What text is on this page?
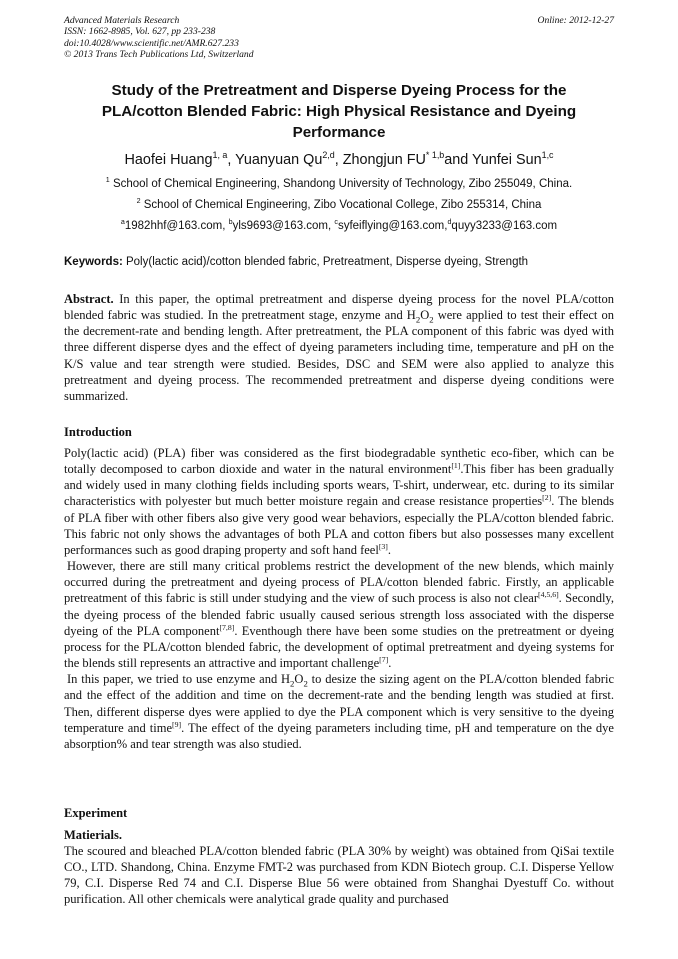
Advanced Materials Research
ISSN: 1662-8985, Vol. 627, pp 233-238
doi:10.4028/www.scientific.net/AMR.627.233
© 2013 Trans Tech Publications Ltd, Switzerland
Online: 2012-12-27
Study of the Pretreatment and Disperse Dyeing Process for the
PLA/cotton Blended Fabric: High Physical Resistance and Dyeing
Performance
Haofei Huang$^{1, a}$, Yuanyuan Qu$^{2,d}$, Zhongjun FU$^{* 1,b}$and Yunfei Sun$^{1,c}$
$^1$ School of Chemical Engineering, Shandong University of Technology, Zibo 255049, China.
$^2$ School of Chemical Engineering, Zibo Vocational College, Zibo 255314, China
$^a$1982hhf@163.com, $^b$yls9693@163.com, $^c$syfeiflying@163.com,$^d$quyy3233@163.com
Keywords: Poly(lactic acid)/cotton blended fabric, Pretreatment, Disperse dyeing, Strength
Abstract. In this paper, the optimal pretreatment and disperse dyeing process for the novel PLA/cotton blended fabric was studied. In the pretreatment stage, enzyme and $H_2O_2$ were applied to test their effect on the decrement-rate and bending length. After pretreatment, the PLA component of this fabric was dyed with three different disperse dyes and the effect of dyeing parameters including time, temperature and pH on the K/S value and tear strength were studied. Besides, DSC and SEM were also applied to analyze this pretreatment and dyeing process. The recommended pretreatment and disperse dyeing conditions were summarized.
Introduction
Poly(lactic acid) (PLA) fiber was considered as the first biodegradable synthetic eco-fiber, which can be totally decomposed to carbon dioxide and water in the natural environment[1].This fiber has been gradually and widely used in many clothing fields including sports wears, T-shirt, underwear, etc. during to its similar characteristics with polyester but much better moisture regain and crease resistance properties[2]. The blends of PLA fiber with other fibers also give very good wear behaviors, especially the PLA/cotton blended fabric. This fabric not only shows the advantages of both PLA and cotton fibers but also possesses many excellent performances such as good draping property and soft hand feel[3].
However, there are still many critical problems restrict the development of the new blends, which mainly occurred during the pretreatment and dyeing process of PLA/cotton blended fabric. Firstly, an applicable pretreatment of this fabric is still under studying and the view of such process is also not clear[4,5,6]. Secondly, the dyeing process of the blended fabric usually caused serious strength loss associated with the disperse dyeing of the PLA component[7,8]. Eventhough there have been some studies on the pretreatment or dyeing process for the PLA/cotton blended fabric, the development of optimal pretreatment and dyeing systems for the blends still represents an attractive and important challenge[7].
In this paper, we tried to use enzyme and $H_2O_2$ to desize the sizing agent on the PLA/cotton blended fabric and the effect of the addition and time on the decrement-rate and the bending length was studied at first. Then, different disperse dyes were applied to dye the PLA component which is very sensitive to the dyeing temperature and time[9]. The effect of the dyeing parameters including time, pH and temperature on the dye absorption% and tear strength was also studied.
Experiment
Matierials.
The scoured and bleached PLA/cotton blended fabric (PLA 30% by weight) was obtained from QiSai textile CO., LTD. Shandong, China. Enzyme FMT-2 was purchased from KDN Biotech group. C.I. Disperse Yellow 79, C.I. Disperse Red 74 and C.I. Disperse Blue 56 were obtained from Shanghai Dyestuff Co. without purification. All other chemicals were analytical grade quality and purchased
